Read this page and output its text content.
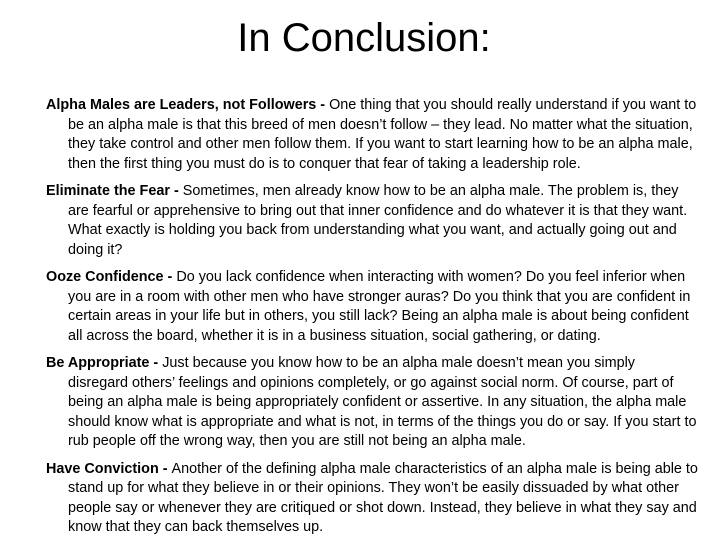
In Conclusion:
Alpha Males are Leaders, not Followers - One thing that you should really understand if you want to be an alpha male is that this breed of men doesn’t follow – they lead. No matter what the situation, they take control and other men follow them. If you want to start learning how to be an alpha male, then the first thing you must do is to conquer that fear of taking a leadership role.
Eliminate the Fear - Sometimes, men already know how to be an alpha male. The problem is, they are fearful or apprehensive to bring out that inner confidence and do whatever it is that they want. What exactly is holding you back from understanding what you want, and actually going out and doing it?
Ooze Confidence - Do you lack confidence when interacting with women? Do you feel inferior when you are in a room with other men who have stronger auras? Do you think that you are confident in certain areas in your life but in others, you still lack? Being an alpha male is about being confident all across the board, whether it is in a business situation, social gathering, or dating.
Be Appropriate - Just because you know how to be an alpha male doesn’t mean you simply disregard others’ feelings and opinions completely, or go against social norm. Of course, part of being an alpha male is being appropriately confident or assertive. In any situation, the alpha male should know what is appropriate and what is not, in terms of the things you do or say. If you start to rub people off the wrong way, then you are still not being an alpha male.
Have Conviction - Another of the defining alpha male characteristics of an alpha male is being able to stand up for what they believe in or their opinions. They won’t be easily dissuaded by what other people say or whenever they are critiqued or shot down. Instead, they believe in what they say and know that they can back themselves up.
